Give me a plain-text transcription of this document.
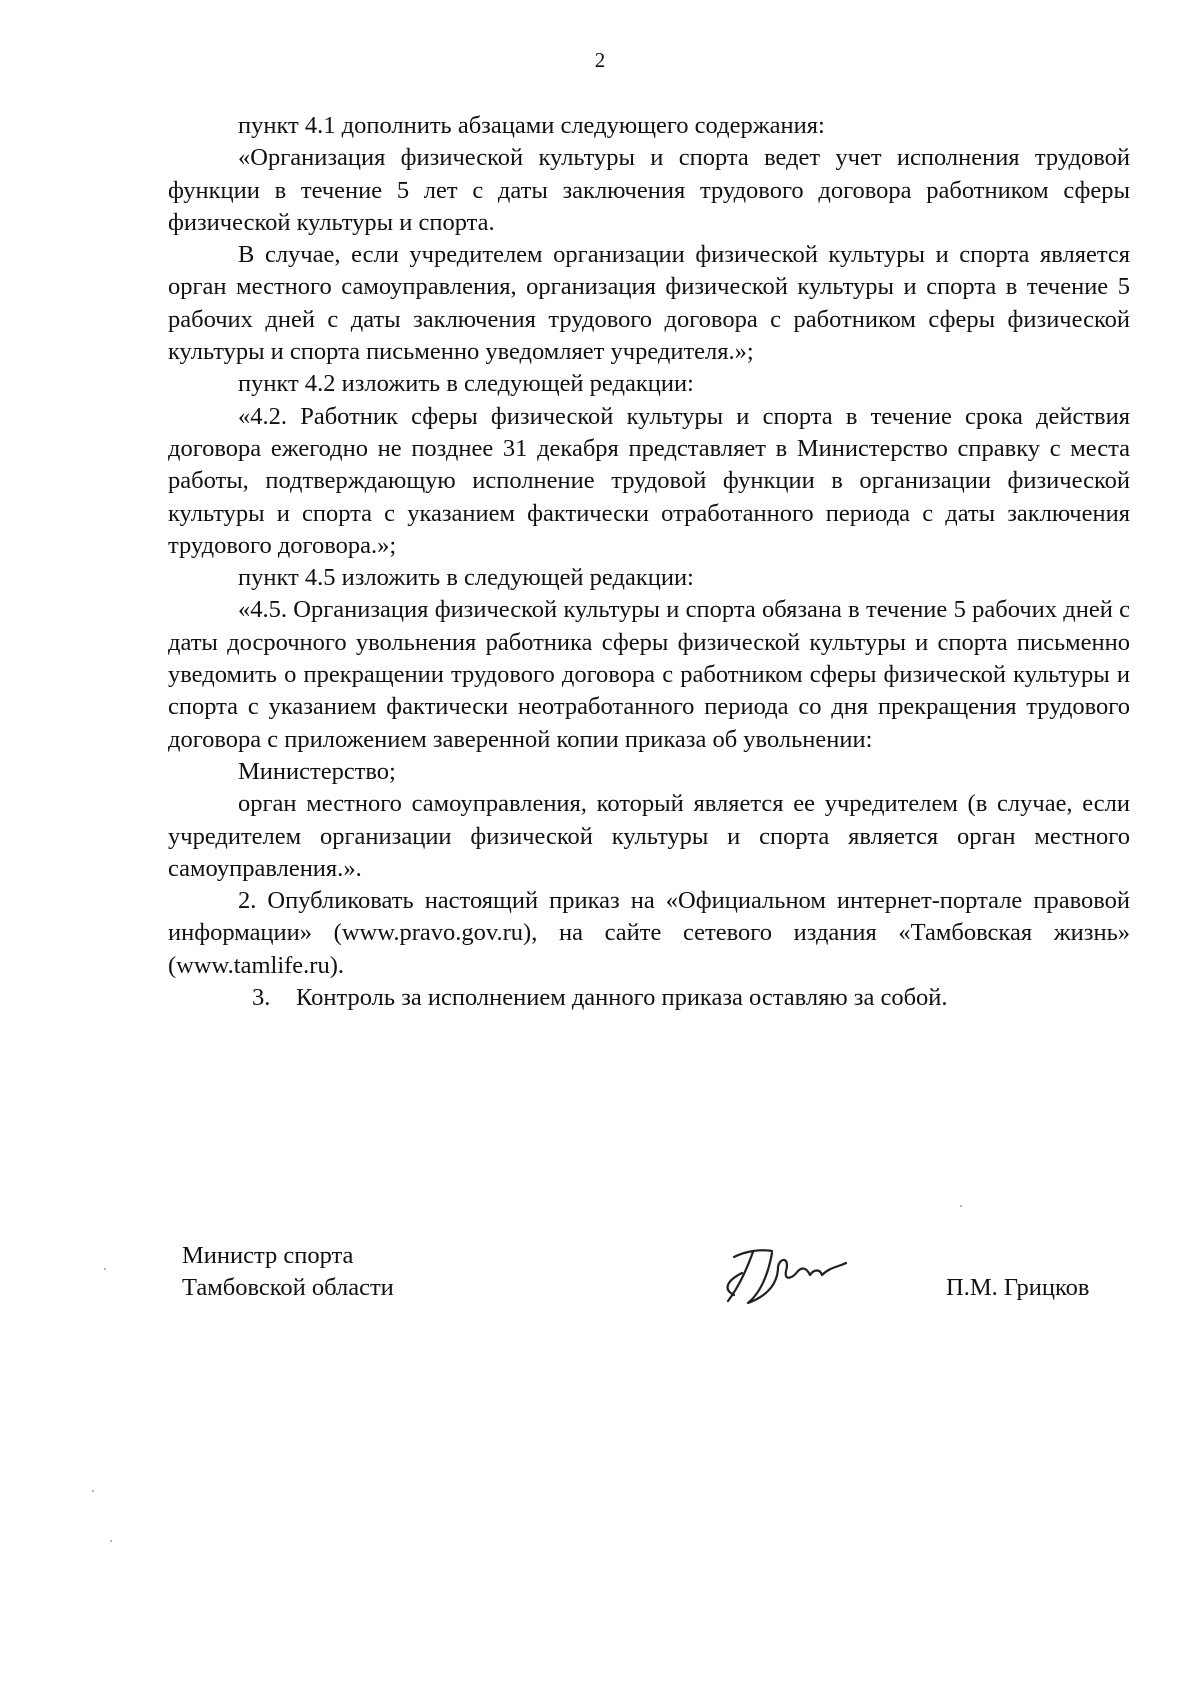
2

пункт 4.1 дополнить абзацами следующего содержания:

«Организация физической культуры и спорта ведет учет исполнения трудовой функции в течение 5 лет с даты заключения трудового договора работником сферы физической культуры и спорта.

В случае, если учредителем организации физической культуры и спорта является орган местного самоуправления, организация физической культуры и спорта в течение 5 рабочих дней с даты заключения трудового договора с работником сферы физической культуры и спорта письменно уведомляет учредителя.»;

пункт 4.2 изложить в следующей редакции:

«4.2. Работник сферы физической культуры и спорта в течение срока действия договора ежегодно не позднее 31 декабря представляет в Министерство справку с места работы, подтверждающую исполнение трудовой функции в организации физической культуры и спорта с указанием фактически отработанного периода с даты заключения трудового договора.»;

пункт 4.5 изложить в следующей редакции:

«4.5. Организация физической культуры и спорта обязана в течение 5 рабочих дней с даты досрочного увольнения работника сферы физической культуры и спорта письменно уведомить о прекращении трудового договора с работником сферы физической культуры и спорта с указанием фактически неотработанного периода со дня прекращения трудового договора с приложением заверенной копии приказа об увольнении:

Министерство;

орган местного самоуправления, который является ее учредителем (в случае, если учредителем организации физической культуры и спорта является орган местного самоуправления.».

2. Опубликовать настоящий приказ на «Официальном интернет-портале правовой информации» (www.pravo.gov.ru), на сайте сетевого издания «Тамбовская жизнь» (www.tamlife.ru).

3. Контроль за исполнением данного приказа оставляю за собой.

Министр спорта
Тамбовской области	П.М. Грицков
